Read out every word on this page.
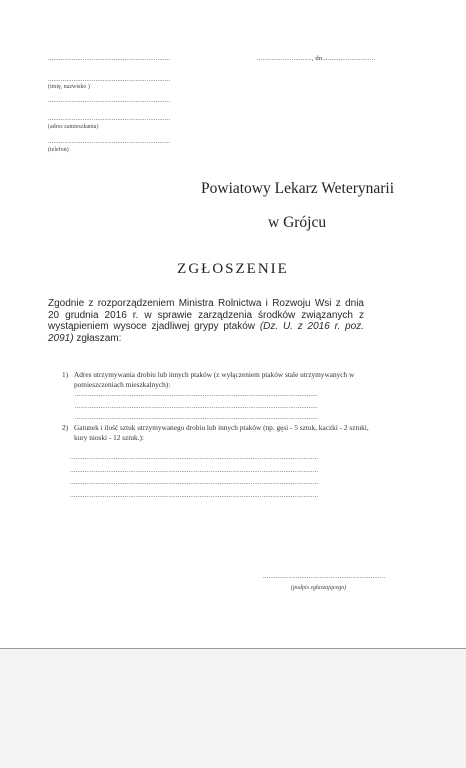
...................................................................	.............................., dn.............................
...................................................................
(imię, nazwisko )
...................................................................
...................................................................
(adres zamieszkania)
...................................................................
(telefon)
Powiatowy Lekarz Weterynarii
w Grójcu
ZGŁOSZENIE
Zgodnie z rozporządzeniem Ministra Rolnictwa i Rozwoju Wsi z dnia 20 grudnia 2016 r. w sprawie zarządzenia środków związanych z wystąpieniem wysoce zjadliwej grypy ptaków (Dz. U. z 2016 r. poz. 2091) zgłaszam:
1) Adres utrzymywania drobiu lub innych ptaków (z wyłączeniem ptaków stale utrzymywanych w pomieszczeniach mieszkalnych):
.....................................................................................................................................
.....................................................................................................................................
.....................................................................................................................................
2) Gatunek i ilość sztuk utrzymywanego drobiu lub innych ptaków (np. gęsi - 5 sztuk, kaczki - 2 sztuki, kury nioski - 12 sztuk.):
........................................................................................................................................
........................................................................................................................................
........................................................................................................................................
........................................................................................................................................
...................................................................
(podpis zgłaszającego)
